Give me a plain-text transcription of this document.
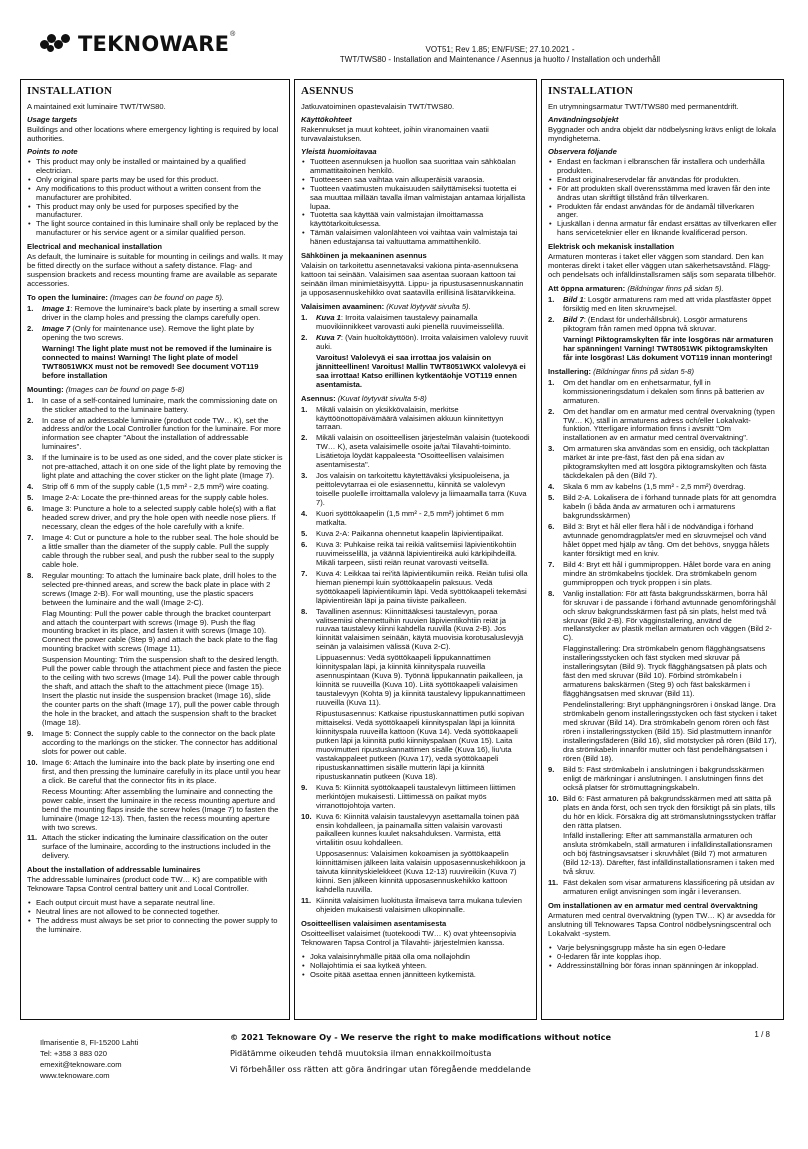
TEKNOWARE ®
VOT51; Rev 1.85; EN/FI/SE; 27.10.2021 -
TWT/TWS80 - Installation and Maintenance / Asennus ja huolto / Installation och underhåll
INSTALLATION

A maintained exit luminaire TWT/TWS80.

Usage targets

Buildings and other locations where emergency lighting is required by local authorities.

Points to note
• This product may only be installed or maintained by a qualified electrician.
• Only original spare parts may be used for this product.
• Any modifications to this product without a written consent from the manufacturer are prohibited.
• This product may only be used for purposes specified by the manufacturer.
• The light source contained in this luminaire shall only be replaced by the manufacturer or his service agent or a similar qualified person.
Electrical and mechanical installation

As default, the luminaire is suitable for mounting in ceilings and walls. It may be fitted directly on the surface without a safety distance. Flag- and suspension brackets and recess mounting frame are available as separate accessories.

To open the luminaire: (Images can be found on page 5).
1. Image 1: Remove the luminaire's back plate by inserting a small screw driver in the clamp holes and pressing the clamps carefully open.
2. Image 7 (Only for maintenance use). Remove the light plate by opening the two screws.

Warning! The light plate must not be removed if the luminaire is connected to mains! Warning! The light plate of model TWT8051WKX must not be removed! See document VOT119 before installation

Mounting: (Images can be found on page 5-8)
1. In case of a self-contained luminaire, mark the commissioning date on the sticker attached to the luminaire battery.
2. In case of an addressable luminaire (product code TW… K), set the address and/or the Local Controller function for the luminaire. For more information see chapter "About the installation of addressable luminaires".
3. If the luminaire is to be used as one sided, and the cover plate sticker is not pre-attached, attach it on one side of the light plate by removing the light plate and attaching the cover sticker on the light plate (Image 7).
4. Strip off 6 mm of the supply cable (1,5 mm² - 2,5 mm²) wire coating.
5. Image 2-A: Locate the pre-thinned areas for the supply cable holes.
6. Image 3: Puncture a hole to a selected supply cable hole(s) with a flat headed screw driver, and pry the hole open with needle nose pliers. If necessary, clean the edges of the hole carefully with a knife.
7. Image 4: Cut or puncture a hole to the rubber seal. The hole should be a little smaller than the diameter of the supply cable. Pull the supply cable through the rubber seal, and push the rubber seal to the supply cable hole.
8. Regular mounting: To attach the luminaire back plate, drill holes to the selected pre-thinned areas, and screw the back plate in place with 2 screws (Image 2-B). For wall mounting, use the plastic spacers between the luminaire and the wall (Image 2-C).
Flag Mounting: Pull the power cable through the bracket counterpart and attach the counterpart with screws (Image 9). Push the flag mounting bracket in its place, and fasten it with screws (Image 10). Connect the power cable (Step 9) and attach the back plate to the flag mounting bracket with screws (Image 11).
Suspension Mounting: Trim the suspension shaft to the desired length. Pull the power cable through the attachment piece and fasten the piece to the ceiling with two screws (Image 14). Pull the power cable through the shaft, and attach the shaft to the attachment piece (Image 15). Insert the plastic nut inside the suspension bracket (Image 16), slide the counter parts on the shaft (Image 17), pull the power cable through the hole in the bracket, and attach the suspension shaft to the bracket (Image 18).
9. Image 5: Connect the supply cable to the connector on the back plate according to the markings on the sticker. The connector has additional slots for power out cable.
10. Image 6: Attach the luminaire into the back plate by inserting one end first, and then pressing the luminaire carefully in its place until you hear a click. Be careful that the connector fits in its place.
Recess Mounting: After assembling the luminaire and connecting the power cable, insert the luminaire in the recess mounting aperture and bend the mounting flaps inside the screw holes (Image 7) to fasten the luminaire (Image 12-13). Then, fasten the recess mounting aperture with two screws.
11. Attach the sticker indicating the luminaire classification on the outer surface of the luminaire, according to the instructions included in the delivery.
About the installation of addressable luminaires

The addressable luminaires (product code TW… K) are compatible with Teknoware Tapsa Control central battery unit and Local Controller.

• Each output circuit must have a separate neutral line.
• Neutral lines are not allowed to be connected together.
• The address must always be set prior to connecting the power supply to the luminaire.
ASENNUS

Jatkuvatoiminen opastevalaisin TWT/TWS80.

Käyttökohteet

Rakennukset ja muut kohteet, joihin viranomainen vaatii turvavalaistuksen.

Yleistä huomioitavaa
• Tuotteen asennuksen ja huollon saa suorittaa vain sähköalan ammattitaitoinen henkilö.
• Tuotteeseen saa vaihtaa vain alkuperäisiä varaosia.
• Tuotteen vaatimusten mukaisuuden säilyttämiseksi tuotetta ei saa muuttaa millään tavalla ilman valmistajan antamaa kirjallista lupaa.
• Tuotetta saa käyttää vain valmistajan ilmoittamassa käyttötarkoituksessa.
• Tämän valaisimen valonlähteen voi vaihtaa vain valmistaja tai hänen edustajansa tai valtuuttama ammattihenkilö.
Sähköinen ja mekaaninen asennus

Valaisin on tarkoitettu asennetavaksi vakiona pinta-asennuksena kattoon tai seinään. Valaisimen saa asentaa suoraan kattoon tai seinään ilman minimietäisyyttä. Lippu- ja ripustusasennuskannatin ja upposasennuskehikko ovat saatavilla erillisinä lisätarvikkeina.

Valaisimen avaaminen: (Kuvat löytyvät sivulta 5).
1. Kuva 1: Irroita valaisimen taustalevy painamalla muovikiinnikkeet varovasti auki pienellä ruuvimeisselillä.
2. Kuva 7: (Vain huoltokäyttöön). Irroita valaisimen valolevy ruuvit auki.

Varoitus! Valolevyä ei saa irrottaa jos valaisin on jännitteellinen! Varoitus! Mallin TWT8051WKX valolevyä ei saa irrottaa! Katso erillinen kytkentäohje VOT119 ennen asentamista.

Asennus: (Kuvat löytyvät sivulta 5-8)
1. Mikäli valaisin on yksikkövalaisin, merkitse käyttöönottopäivämäärä valaisimen akkuun kiinnitettyyn tarraan.
2. Mikäli valaisin on osoitteellisen järjestelmän valaisin (tuotekoodi TW… K), aseta valaisimelle osoite ja/tai Tilavahti-toiminto. Lisätietoja löydät kappaleesta "Osoitteellisen valaisimen asentamisesta".
3. Jos valaisin on tarkoitettu käytettäväksi yksipuoleisena, ja peittolevytarraa ei ole esiasennettu, kiinnitä se valolevyn toiselle puolelle irroittamalla valolevy ja liimaamalla tarra (Kuva 7).
4. Kuori syöttökaapelin (1,5 mm² - 2,5 mm²) johtimet 6 mm matkalta.
5. Kuva 2-A: Paikanna ohennetut kaapelin läpivientipaikat.
6. Kuva 3: Puhkaise reikä tai reikiä valitsemiisi läpivientikohtiin ruuvimeisselillä, ja väännä läpivientireikä auki kärkipihdeillä. Mikäli tarpeen, siisti reiän reunat varovasti veitsellä.
7. Kuva 4: Leikkaa tai rei'itä läpivientikumiin reikä. Reiän tulisi olla hieman pienempi kuin syöttökaapelin paksuus. Vedä syöttökaapeli läpivientikumin läpi. Vedä syöttökaapeli tekemäsi läpivientireiän läpi ja paina tiiviste paikalleen.
8. Tavallinen asennus: Kiinnittääksesi taustalevyn, poraa valitsemiisi ohennettuihin ruuvien läpivientikohtiin reiät ja ruuvaa taustalevy kiinni kahdella ruuvilla (Kuva 2-B). Jos kiinnität valaisimen seinään, käytä muovisia korotusaluslevyjä seinän ja valaisimen välissä (Kuva 2-C).
Lippuasennus: Vedä syöttökaapeli lippukannattimen kiinnityspalan läpi, ja kiinnitä kiinnityspala ruuveilla asennuspintaan (Kuva 9). Työnnä lippukannatin paikalleen, ja kiinnitä se ruuveilla (Kuva 10). Liitä syöttökaapeli valaisimen taustalevyyn (Kohta 9) ja kiinnitä taustalevy lippukannattimeen ruuveilla (Kuva 11).
Ripustusasennus: Katkaise ripustuskannattimen putki sopivan mittaiseksi. Vedä syöttökaapeli kiinnityspalan läpi ja kiinnitä kiinnityspala ruuveilla kattoon (Kuva 14). Vedä syöttökaapeli putken läpi ja kiinnitä putki kiinnityspalaan (Kuva 15). Laita muovimutteri ripustuskannattimen sisälle (Kuva 16), liu'uta vastakappaleet putkeen (Kuva 17), vedä syöttökaapeli ripustuskannattimen sisälle mutterin läpi ja kiinnitä ripustuskannatin putkeen (Kuva 18).
9. Kuva 5: Kiinnitä syöttökaapeli taustalevyn liittimeen liittimen merkintöjen mukaisesti. Liittimessä on paikat myös virranottojohtoja varten.
10. Kuva 6: Kiinnitä valaisin taustalevyyn asettamalla toinen pää ensin kohdalleen, ja painamalla sitten valaisin varovasti paikalleen kunnes kuulet naksahduksen. Varmista, että virtaliitin osuu kohdalleen.
Upposasennus: Valaisimen kokoamisen ja syöttökaapelin kiinnittämisen jälkeen laita valaisin upposasennuskehikkoon ja taivuta kiinnityskielekkeet (Kuva 12-13) ruuvireikiin (Kuva 7) kiinni. Sen jälkeen kiinnitä upposasennuskehikko kattoon kahdella ruuvilla.
11. Kiinnitä valaisimen luokitusta ilmaiseva tarra mukana tulevien ohjeiden mukaisesti valaisimen ulkopinnalle.
Osoitteellisen valaisimen asentamisesta

Osoitteelliset valaisimet (tuotekoodi TW… K) ovat yhteensopivia Teknowaren Tapsa Control ja Tilavahti- järjestelmien kanssa.

• Joka valaisinryhmälle pitää olla oma nollajohdin
• Nollajohtimia ei saa kytkeä yhteen.
• Osoite pitää asettaa ennen jännitteen kytkemistä.
INSTALLATION

En utrymningsarmatur TWT/TWS80 med permanentdrift.

Användningsobjekt

Byggnader och andra objekt där nödbelysning krävs enligt de lokala myndigheterna.

Observera följande
• Endast en fackman i elbranschen får installera och underhålla produkten.
• Endast originalreservdelar får användas för produkten.
• För att produkten skall överensstämma med kraven får den inte ändras utan skriftligt tillstånd från tillverkaren.
• Produkten får endast användas för de ändamål tillverkaren anger.
• Ljuskällan i denna armatur får endast ersättas av tillverkaren eller hans serviceteknier eller en liknande kvalificerad person.
Elektrisk och mekanisk installation

Armaturen monteras i taket eller väggen som standard. Den kan monteras direkt i taket eller väggen utan säkerhetsavstånd. Flägg- och pendelsats och infälldinstallsramen säljs som separata tillbehör.

Att öppna armaturen: (Bildningar finns på sidan 5).
1. Bild 1: Losgör armaturens ram med att vrida plastfäster öppet försiktig med en liten skruvmejsel.
2. Bild 7: (Endast för underhållsbruk). Losgör armaturens piktogram från ramen med öppna två skruvar.

Varning! Piktogramskylten får inte losgöras när armaturen har spänningen! Varning! TWT8051WK piktogramskylten får inte losgöras! Läs dokument VOT119 innan montering!

Installering: (Bildningar finns på sidan 5-8)
1. Om det handlar om en enhetsarmatur, fyll in kommissioneringsdatum i dekalen som finns på batterien av armaturen.
2. Om det handlar om en armatur med central övervakning (typen TW… K), ställ in armaturens adress och/eller Lokalvakt-funktion. Ytterligare information finns i avsnitt "Om installationen av en armatur med central övervaktning".
3. Om armaturen ska användas som en ensidig, och täckplattan märket är inte pre-fäst, fäst den på ena sidan av piktogramskylten med att losgöra piktogramskylten och fästa täckdekalen på den (Bild 7).
4. Skala 6 mm av kabelns (1,5 mm² - 2,5 mm²) överdrag.
5. Bild 2-A. Lokalisera de i förhand tunnade plats för att genomdra kabeln (i båda ända av armaturen och i armaturens bakgrundsskärmen)
6. Bild 3: Bryt et hål eller flera hål i de nödvändiga i förhand avtunnade genomdragplats/er med en skruvmejsel och vänd hålet öppet med hjälp av tång. Om det behövs, snygga hålets kanter försiktigt med en kniv.
7. Bild 4: Bryt ett hål i gummiproppen. Hålet borde vara en aning mindre än strömkabelns tjocklek. Dra strömkabeln genom gummiproppen och tryck proppen i sin plats.
8. Vanlig installation: För att fästa bakgrundsskärmen, borra hål för skruvar i de passande i förhand avtunnade genomföringshål och skruv bakgrundsskärmen fast på sin plats, helst med två skruvar (Bild 2-B). För vägginstallering, använd de mellanstycker av plastik mellan armaturen och väggen (Bild 2-C).
Flagginstallering: Dra strömkabeln genom flägghängsatsens installeringsstycken och fäst stycken med skruvar på installeringsytan (Bild 9). Tryck flägghängsatsen på plats och fäst den med skruvar (Bild 10). Förbind strömkabeln i armaturens bakskärmen (Steg 9) och fäst bakskärmen i flägghängsatsen med skruvar (Bild 11).
Pendelinstallering: Bryt upphängningsrören i önskad länge. Dra strömkabeln genom installeringsstycken och fäst stycken i taket med skruvar (Bild 14). Dra strömkabeln genom rören och fäst rören i installeringsstycken (Bild 15). Sid plastmuttern innanför installeringsfäderen (Bild 16), slid motstycker på rören (Bild 17), dra strömkabeln innanför mutter och fäst pendelhängsatsen i rören (Bild 18).
9. Bild 5: Fäst strömkabeln i anslutningen i bakgrundsskärmen enligt de märkningar i anslutningen. I anslutningen finns det också platser för strömuttagningskabeln.
10. Bild 6: Fäst armaturen på bakgrundsskärmen med att sätta på plats en ända först, och sen tryck den försiktigt på sin plats, tills du hör en klick. Försäkra dig att strömanslutningsstycken träffar den rätta platsen.
Infälld installering: Efter att sammanställa armaturen och ansluta strömkabeln, ställ armaturen i infälldinstallationsramen och böj fästningsavsatser i skruvhålet (Bild 7) mot armaturen (Bild 12-13). Därefter, fäst infälldinstallationsramen i taken med två skruv.
11. Fäst dekalen som visar armaturens klassificering på utsidan av armaturen enligt anvisningen som ingår i leveransen.
Om installationen av en armatur med central övervaktning

Armaturen med central övervaktning (typen TW… K) är avsedda för anslutning till Teknowares Tapsa Control nödbelysningscentral och Lokalvakt -system.

• Varje belysningsgrupp måste ha sin egen 0-ledare
• 0-ledaren får inte kopplas ihop.
• Addressinställning bör föras innan spänningen är inkopplad.
Ilmarisentie 8, FI-15200 Lahti
Tel: +358 3 883 020
emexit@teknoware.com
www.teknoware.com
© 2021 Teknoware Oy - We reserve the right to make modifications without notice
Pidätämme oikeuden tehdä muutoksia ilman ennakkoilmoitusta
Vi förbehåller oss rätten att göra ändringar utan föregående meddelande
1 / 8
